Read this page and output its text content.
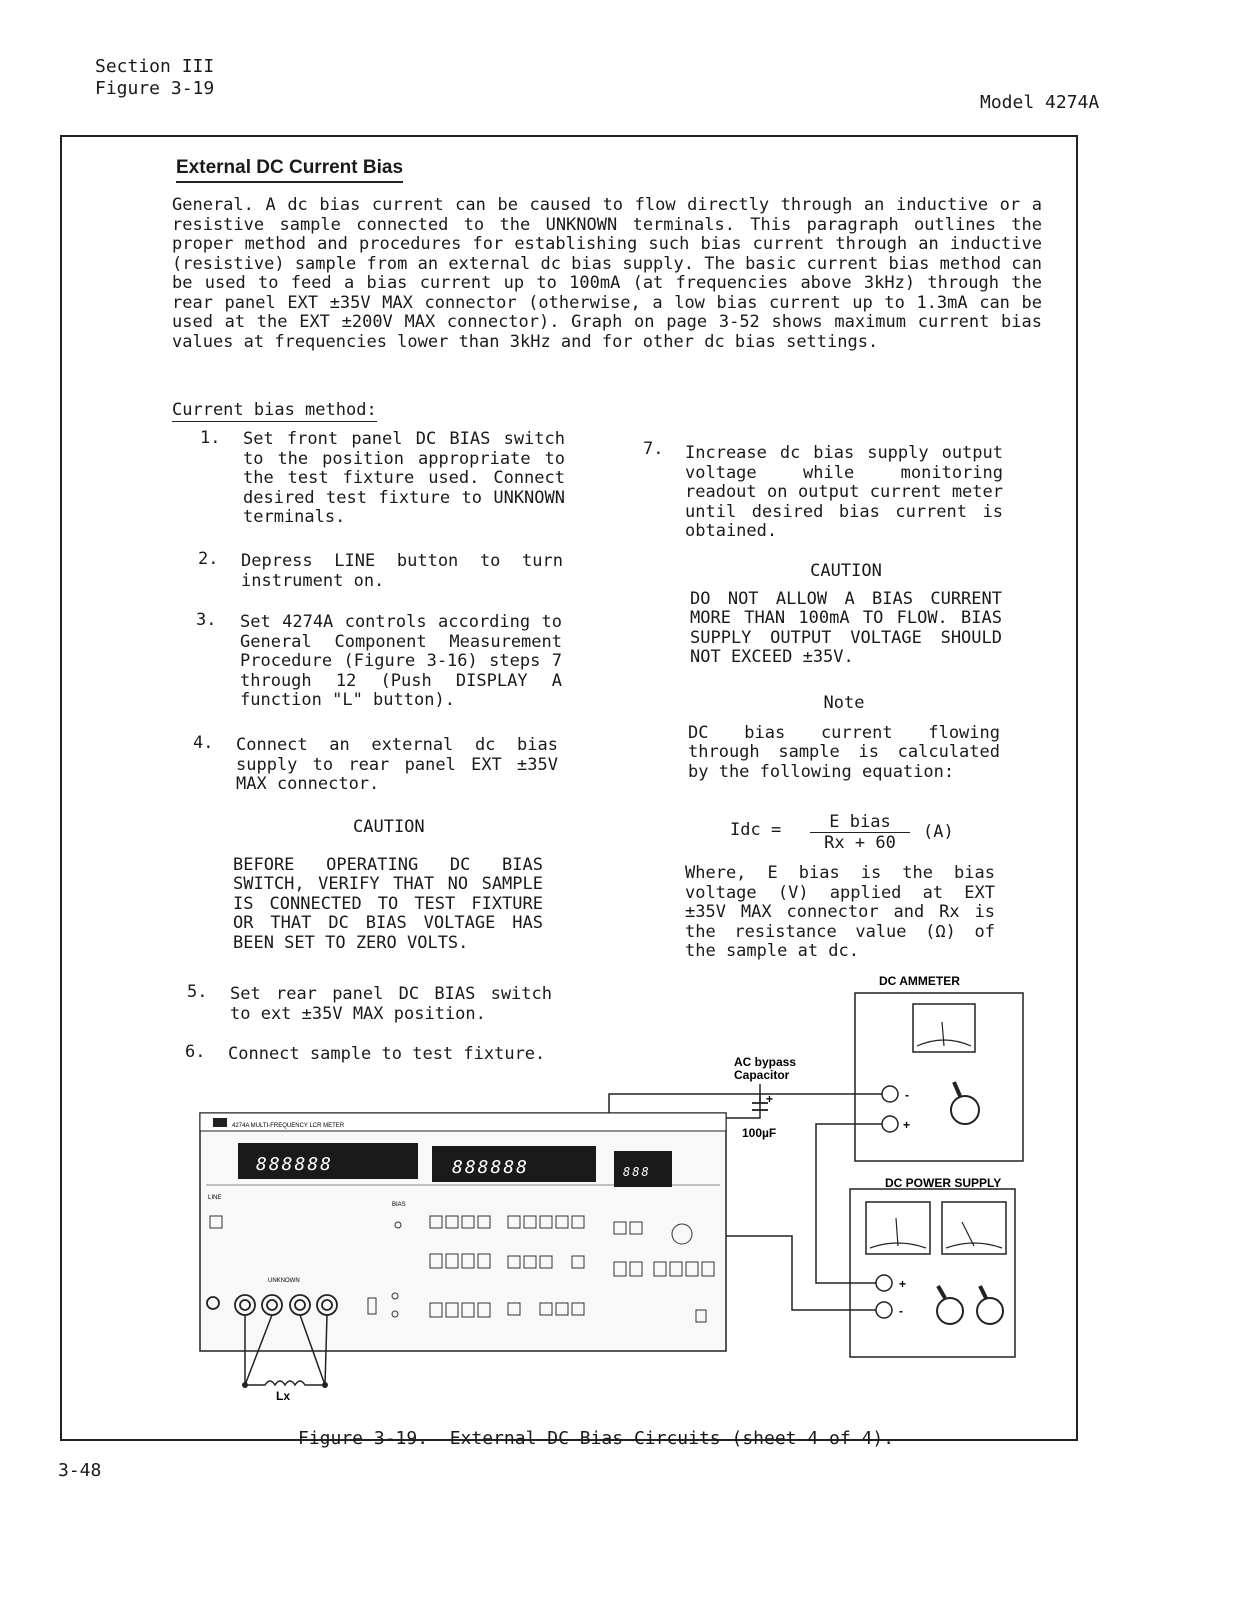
Section III
Figure 3-19
Model 4274A
External DC Current Bias
General. A dc bias current can be caused to flow directly through an inductive or a resistive sample connected to the UNKNOWN terminals. This paragraph outlines the proper method and procedures for establishing such bias current through an inductive (resistive) sample from an external dc bias supply. The basic current bias method can be used to feed a bias current up to 100mA (at frequencies above 3kHz) through the rear panel EXT ±35V MAX connector (otherwise, a low bias current up to 1.3mA can be used at the EXT ±200V MAX connector). Graph on page 3-52 shows maximum current bias values at frequencies lower than 3kHz and for other dc bias settings.
Current bias method:
1. Set front panel DC BIAS switch to the position appropriate to the test fixture used. Connect desired test fixture to UNKNOWN terminals.
2. Depress LINE button to turn instrument on.
3. Set 4274A controls according to General Component Measurement Procedure (Figure 3-16) steps 7 through 12 (Push DISPLAY A function "L" button).
4. Connect an external dc bias supply to rear panel EXT ±35V MAX connector.
CAUTION
BEFORE OPERATING DC BIAS SWITCH, VERIFY THAT NO SAMPLE IS CONNECTED TO TEST FIXTURE OR THAT DC BIAS VOLTAGE HAS BEEN SET TO ZERO VOLTS.
5. Set rear panel DC BIAS switch to ext ±35V MAX position.
6. Connect sample to test fixture.
7. Increase dc bias supply output voltage while monitoring readout on output current meter until desired bias current is obtained.
CAUTION
DO NOT ALLOW A BIAS CURRENT MORE THAN 100mA TO FLOW. BIAS SUPPLY OUTPUT VOLTAGE SHOULD NOT EXCEED ±35V.
Note
DC bias current flowing through sample is calculated by the following equation:
Idc =	E bias
Rx + 60
(A)
Where, E bias is the bias voltage (V) applied at EXT ±35V MAX connector and Rx is the resistance value (Ω) of the sample at dc.
888888	888888	888
DC AMMETER
DC POWER SUPPLY
AC bypass
Capacitor
100µF
Lx
4274A MULTI-FREQUENCY LCR METER
LINE
BIAS
UNKNOWN
-
+
+
-
+
Figure 3-19.  External DC Bias Circuits (sheet 4 of 4).
3-48
